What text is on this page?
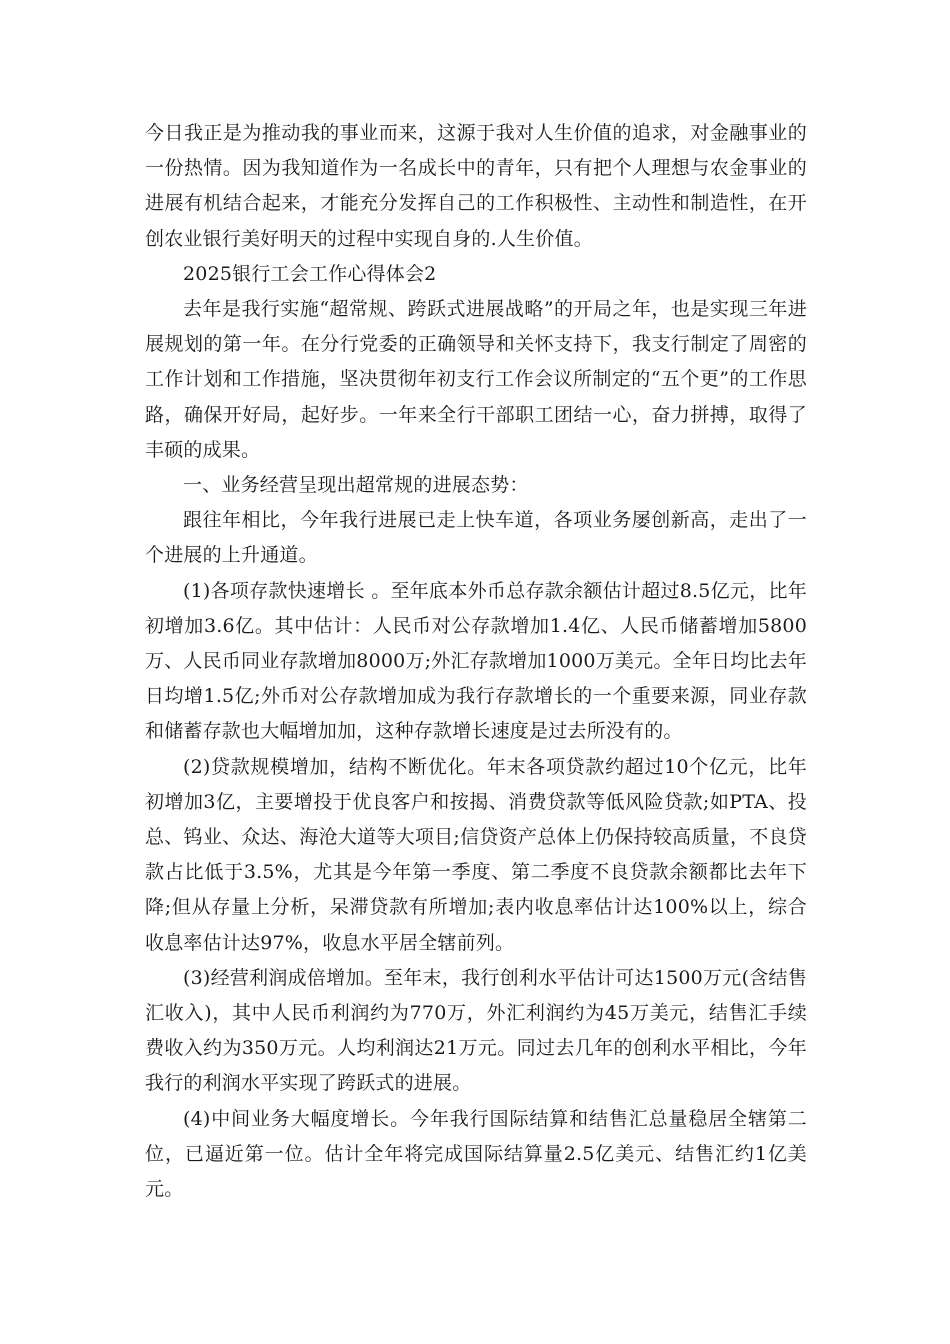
今日我正是为推动我的事业而来，这源于我对人生价值的追求，对金融事业的一份热情。因为我知道作为一名成长中的青年，只有把个人理想与农金事业的进展有机结合起来，才能充分发挥自己的工作积极性、主动性和制造性，在开创农业银行美好明天的过程中实现自身的.人生价值。

2025银行工会工作心得体会2

去年是我行实施“超常规、跨跃式进展战略”的开局之年，也是实现三年进展规划的第一年。在分行党委的正确领导和关怀支持下，我支行制定了周密的工作计划和工作措施，坚决贯彻年初支行工作会议所制定的“五个更”的工作思路，确保开好局，起好步。一年来全行干部职工团结一心，奋力拼搏，取得了丰硕的成果。

一、业务经营呈现出超常规的进展态势：

跟往年相比，今年我行进展已走上快车道，各项业务屡创新高，走出了一个进展的上升通道。

(1)各项存款快速增长 。至年底本外币总存款余额估计超过8.5亿元，比年初增加3.6亿。其中估计：人民币对公存款增加1.4亿、人民币储蓄增加5800万、人民币同业存款增加8000万;外汇存款增加1000万美元。全年日均比去年日均增1.5亿;外币对公存款增加成为我行存款增长的一个重要来源，同业存款和储蓄存款也大幅增加加，这种存款增长速度是过去所没有的。

(2)贷款规模增加，结构不断优化。年末各项贷款约超过10个亿元，比年初增加3亿，主要增投于优良客户和按揭、消费贷款等低风险贷款;如PTA、投总、钨业、众达、海沧大道等大项目;信贷资产总体上仍保持较高质量，不良贷款占比低于3.5%，尤其是今年第一季度、第二季度不良贷款余额都比去年下降;但从存量上分析，呆滞贷款有所增加;表内收息率估计达100%以上，综合收息率估计达97%，收息水平居全辖前列。

(3)经营利润成倍增加。至年末，我行创利水平估计可达1500万元(含结售汇收入)，其中人民币利润约为770万，外汇利润约为45万美元，结售汇手续费收入约为350万元。人均利润达21万元。同过去几年的创利水平相比，今年我行的利润水平实现了跨跃式的进展。

(4)中间业务大幅度增长。今年我行国际结算和结售汇总量稳居全辖第二位，已逼近第一位。估计全年将完成国际结算量2.5亿美元、结售汇约1亿美元。
